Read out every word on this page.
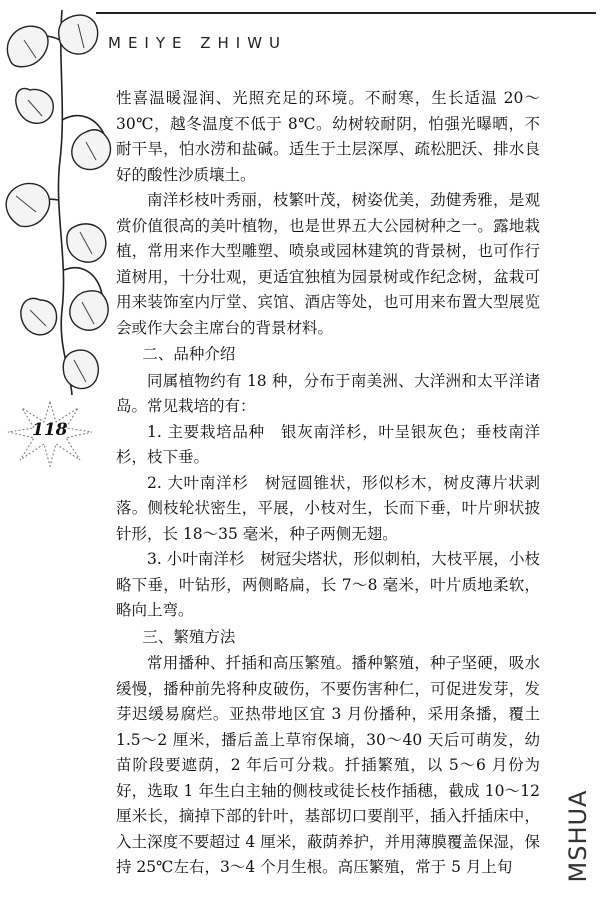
MEIYE ZHIWU
118

性喜温暖湿润、光照充足的环境。不耐寒，生长适温 20～30℃，越冬温度不低于 8℃。幼树较耐阴，怕强光曝晒，不耐干旱，怕水涝和盐碱。适生于土层深厚、疏松肥沃、排水良好的酸性沙质壤土。

南洋杉枝叶秀丽，枝繁叶茂，树姿优美，劲健秀雅，是观赏价值很高的美叶植物，也是世界五大公园树种之一。露地栽植，常用来作大型雕塑、喷泉或园林建筑的背景树，也可作行道树用，十分壮观，更适宜独植为园景树或作纪念树，盆栽可用来装饰室内厅堂、宾馆、酒店等处，也可用来布置大型展览会或作大会主席台的背景材料。

二、品种介绍

同属植物约有 18 种，分布于南美洲、大洋洲和太平洋诸岛。常见栽培的有：

1. 主要栽培品种　银灰南洋杉，叶呈银灰色；垂枝南洋杉，枝下垂。

2. 大叶南洋杉　树冠圆锥状，形似杉木，树皮薄片状剥落。侧枝轮状密生，平展，小枝对生，长而下垂，叶片卵状披针形，长 18～35 毫米，种子两侧无翅。

3. 小叶南洋杉　树冠尖塔状，形似刺柏，大枝平展，小枝略下垂，叶钻形，两侧略扁，长 7～8 毫米，叶片质地柔软，略向上弯。

三、繁殖方法

常用播种、扦插和高压繁殖。播种繁殖，种子坚硬，吸水缓慢，播种前先将种皮破伤，不要伤害种仁，可促进发芽，发芽迟缓易腐烂。亚热带地区宜 3 月份播种，采用条播，覆土 1.5～2 厘米，播后盖上草帘保墒，30～40 天后可萌发，幼苗阶段要遮荫，2 年后可分栽。扦插繁殖，以 5～6 月份为好，选取 1 年生白主轴的侧枝或徒长枝作插穗，截成 10～12 厘米长，摘掉下部的针叶，基部切口要削平，插入扦插床中，入土深度不要超过 4 厘米，蔽荫养护，并用薄膜覆盖保湿，保持 25℃左右，3～4 个月生根。高压繁殖，常于 5 月上旬	MSHUA
